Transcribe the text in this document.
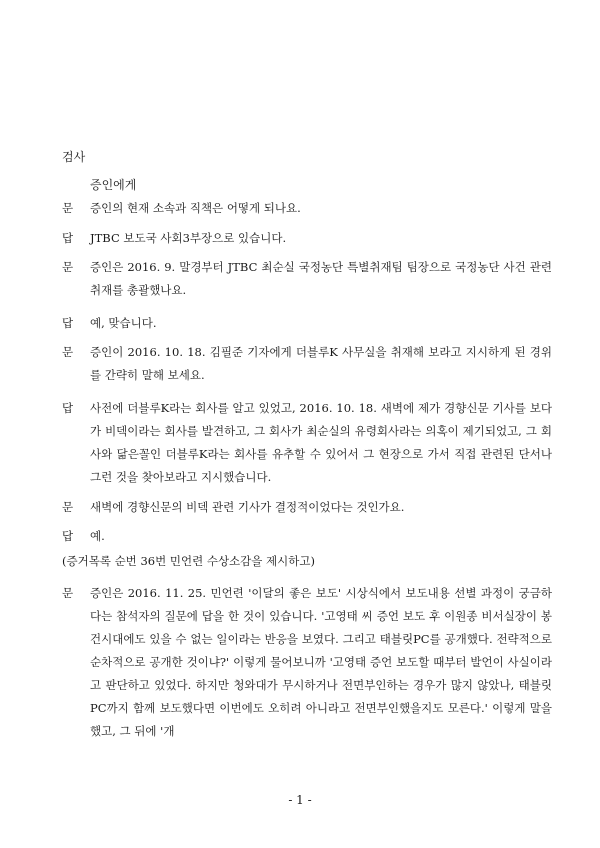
검사
증인에게
문	증인의 현재 소속과 직책은 어떻게 되나요.
답	JTBC 보도국 사회3부장으로 있습니다.
문	증인은 2016. 9. 말경부터 JTBC 최순실 국정농단 특별취재팀 팀장으로 국정농단 사건 관련 취재를 총괄했나요.
답	예, 맞습니다.
문	증인이 2016. 10. 18. 김필준 기자에게 더블루K 사무실을 취재해 보라고 지시하게 된 경위를 간략히 말해 보세요.
답	사전에 더블루K라는 회사를 알고 있었고, 2016. 10. 18. 새벽에 제가 경향신문 기사를 보다가 비덱이라는 회사를 발견하고, 그 회사가 최순실의 유령회사라는 의혹이 제기되었고, 그 회사와 닮은꼴인 더블루K라는 회사를 유추할 수 있어서 그 현장으로 가서 직접 관련된 단서나 그런 것을 찾아보라고 지시했습니다.
문	새벽에 경향신문의 비덱 관련 기사가 결정적이었다는 것인가요.
답	예.
(증거목록 순번 36번 민언련 수상소감을 제시하고)
문	증인은 2016. 11. 25. 민언련 '이달의 좋은 보도' 시상식에서 보도내용 선별 과정이 궁금하다는 참석자의 질문에 답을 한 것이 있습니다. '고영태 씨 증언 보도 후 이원종 비서실장이 봉건시대에도 있을 수 없는 일이라는 반응을 보였다. 그리고 태블릿PC를 공개했다. 전략적으로 순차적으로 공개한 것이냐?' 이렇게 물어보니까 '고영태 증언 보도할 때부터 발언이 사실이라고 판단하고 있었다. 하지만 청와대가 무시하거나 전면부인하는 경우가 많지 않았나, 태블릿PC까지 함께 보도했다면 이번에도 오히려 아니라고 전면부인했을지도 모른다.' 이렇게 말을 했고, 그 뒤에 '개
- 1 -
